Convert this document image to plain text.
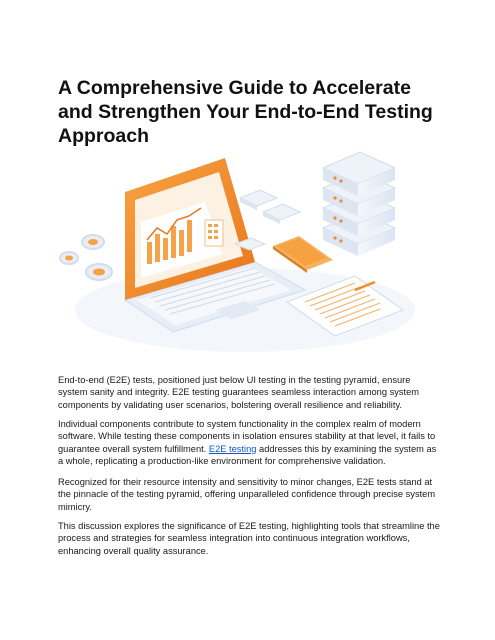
A Comprehensive Guide to Accelerate and Strengthen Your End-to-End Testing Approach

End-to-end (E2E) tests, positioned just below UI testing in the testing pyramid, ensure system sanity and integrity. E2E testing guarantees seamless interaction among system components by validating user scenarios, bolstering overall resilience and reliability.

Individual components contribute to system functionality in the complex realm of modern software. While testing these components in isolation ensures stability at that level, it fails to guarantee overall system fulfillment. E2E testing addresses this by examining the system as a whole, replicating a production-like environment for comprehensive validation.

Recognized for their resource intensity and sensitivity to minor changes, E2E tests stand at the pinnacle of the testing pyramid, offering unparalleled confidence through precise system mimicry.

This discussion explores the significance of E2E testing, highlighting tools that streamline the process and strategies for seamless integration into continuous integration workflows, enhancing overall quality assurance.
